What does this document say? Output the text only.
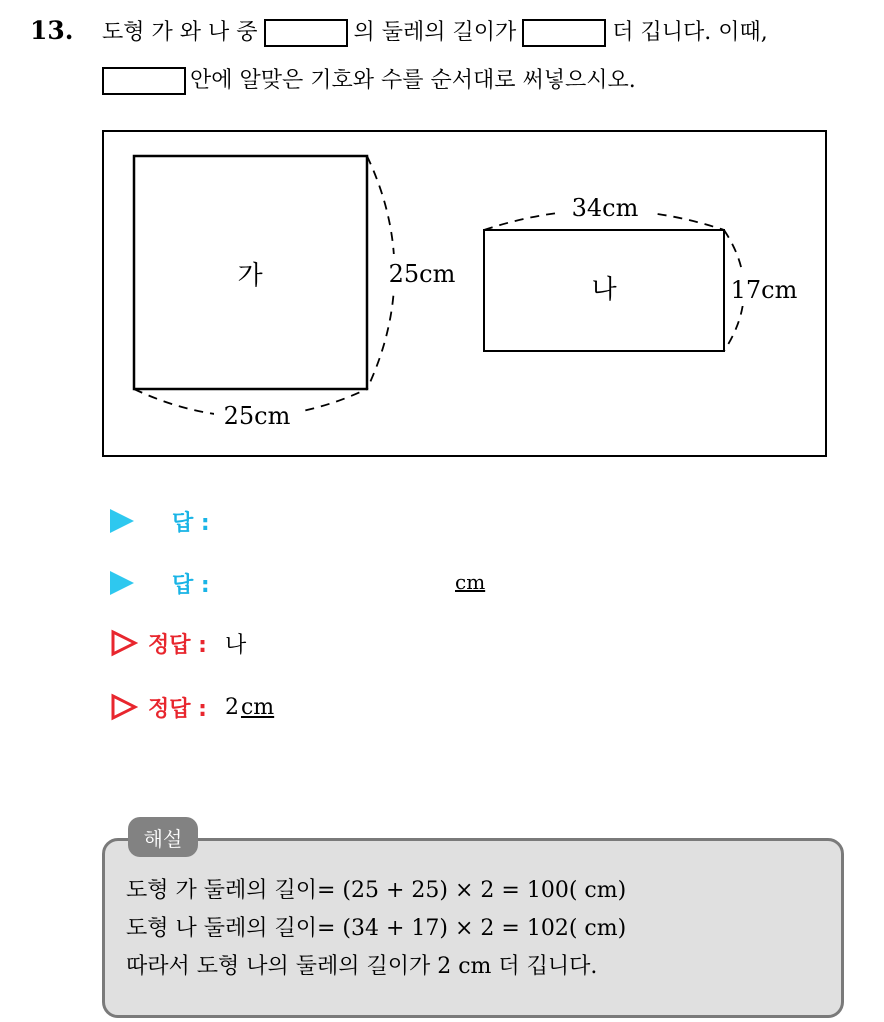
13. 도형 가 와 나 중	의 둘레의 길이가	더 깁니다. 이때,
안에 알맞은 기호와 수를 순서대로 써넣으시오.
가	25cm
25cm
나
34cm
17cm
답 :
답 :	cm
정답 : 나
정답 : 2 cm
해설
도형 가 둘레의 길이= (25 + 25) × 2 = 100( cm)
도형 나 둘레의 길이= (34 + 17) × 2 = 102( cm)
따라서 도형 나의 둘레의 길이가 2 cm 더 깁니다.
